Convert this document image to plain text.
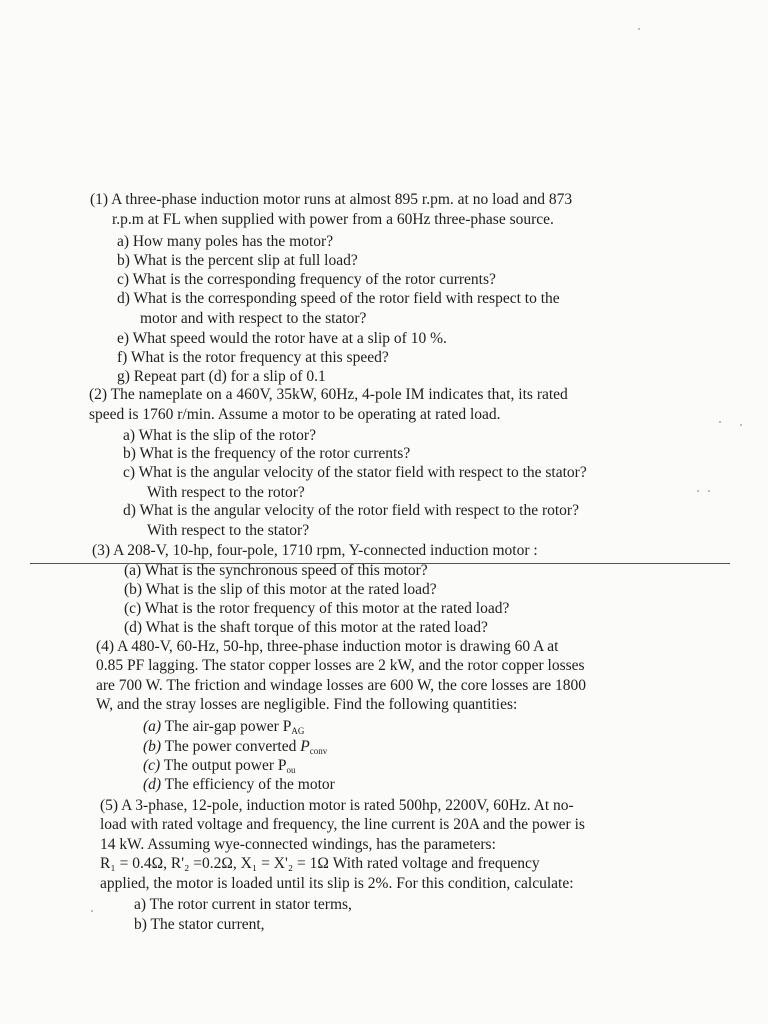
(1) A three-phase induction motor runs at almost 895 r.pm. at no load and 873

r.p.m at FL when supplied with power from a 60Hz three-phase source.

a) How many poles has the motor?

b) What is the percent slip at full load?

c) What is the corresponding frequency of the rotor currents?

d) What is the corresponding speed of the rotor field with respect to the

motor and with respect to the stator?

e) What speed would the rotor have at a slip of 10 %.

f) What is the rotor frequency at this speed?

g) Repeat part (d) for a slip of 0.1

(2) The nameplate on a 460V, 35kW, 60Hz, 4-pole IM indicates that, its rated

speed is 1760 r/min. Assume a motor to be operating at rated load.

a) What is the slip of the rotor?

b) What is the frequency of the rotor currents?

c) What is the angular velocity of the stator field with respect to the stator?

With respect to the rotor?

d) What is the angular velocity of the rotor field with respect to the rotor?

With respect to the stator?

(3) A 208-V, 10-hp, four-pole, 1710 rpm, Y-connected induction motor :

(a) What is the synchronous speed of this motor?

(b) What is the slip of this motor at the rated load?

(c) What is the rotor frequency of this motor at the rated load?

(d) What is the shaft torque of this motor at the rated load?

(4) A 480-V, 60-Hz, 50-hp, three-phase induction motor is drawing 60 A at

0.85 PF lagging. The stator copper losses are 2 kW, and the rotor copper losses

are 700 W. The friction and windage losses are 600 W, the core losses are 1800

W, and the stray losses are negligible. Find the following quantities:

(a) The air-gap power $P_{AG}$

(b) The power converted $P_{conv}$

(c) The output power $P_{ou}$

(d) The efficiency of the motor

(5) A 3-phase, 12-pole, induction motor is rated 500hp, 2200V, 60Hz. At no-

load with rated voltage and frequency, the line current is 20A and the power is

14 kW. Assuming wye-connected windings, has the parameters:

R₁ = 0.4Ω, R'₂ =0.2Ω, X₁ = X'₂ = 1Ω With rated voltage and frequency

applied, the motor is loaded until its slip is 2%. For this condition, calculate:

a) The rotor current in stator terms,

b) The stator current,
